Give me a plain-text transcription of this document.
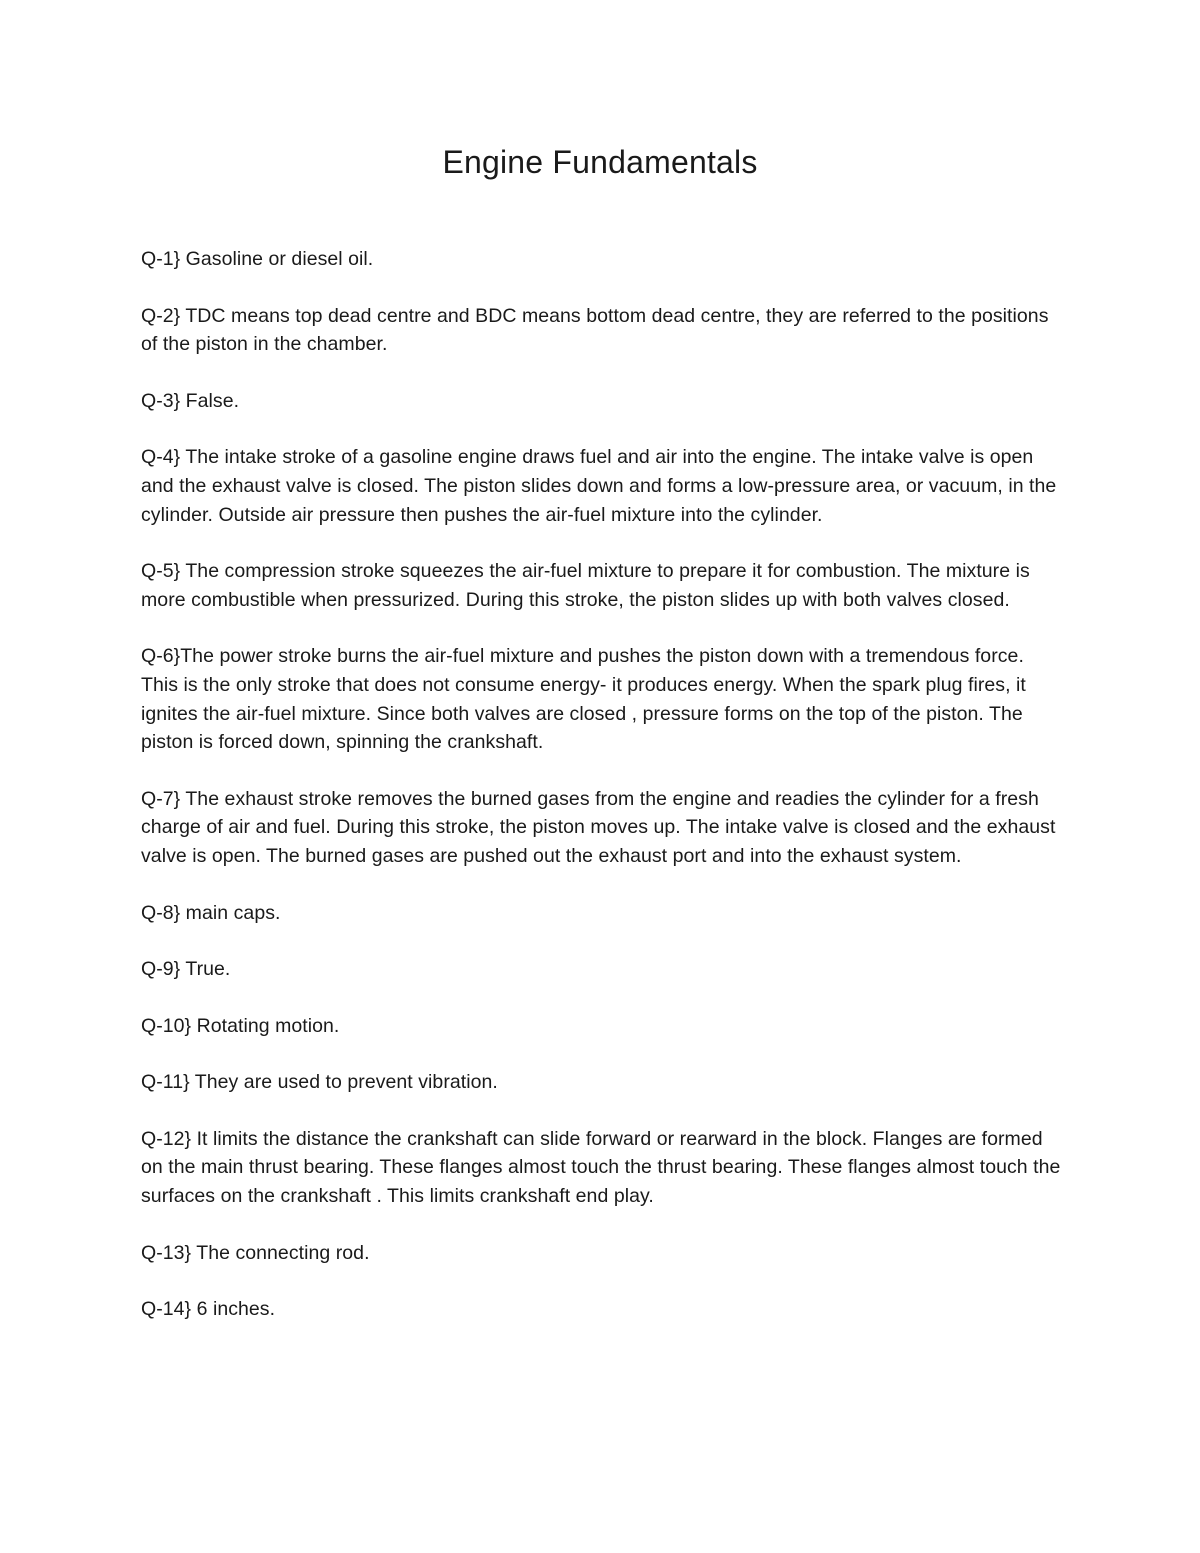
Engine Fundamentals

Q-1} Gasoline or diesel oil.

Q-2} TDC means top dead centre and BDC means bottom dead centre, they are referred to the positions of the piston in the chamber.

Q-3} False.

Q-4} The intake stroke of a gasoline engine draws fuel and air into the engine. The intake valve is open and the exhaust valve is closed. The piston slides down and forms a low-pressure area, or vacuum, in the cylinder. Outside air pressure then pushes the air-fuel mixture into the cylinder.

Q-5} The compression stroke squeezes the air-fuel mixture to prepare it for combustion. The mixture is more combustible when pressurized. During this stroke, the piston slides up with both valves closed.

Q-6}The power stroke burns the air-fuel mixture and pushes the piston down with a tremendous force. This is the only stroke that does not consume energy- it produces energy. When the spark plug fires, it ignites the air-fuel mixture. Since both valves are closed , pressure forms on the top of the piston. The piston is forced down, spinning the crankshaft.

Q-7} The exhaust stroke removes the burned gases from the engine and readies the cylinder for a fresh charge of air and fuel. During this stroke, the piston moves up. The intake valve is closed and the exhaust valve is open. The burned gases are pushed out the exhaust port and into the exhaust system.

Q-8} main caps.

Q-9} True.

Q-10} Rotating motion.

Q-11} They are used to prevent vibration.

Q-12} It limits the distance the crankshaft can slide forward or rearward in the block. Flanges are formed on the main thrust bearing. These flanges almost touch the thrust bearing. These flanges almost touch the surfaces on the crankshaft . This limits crankshaft end play.

Q-13} The connecting rod.

Q-14} 6 inches.
